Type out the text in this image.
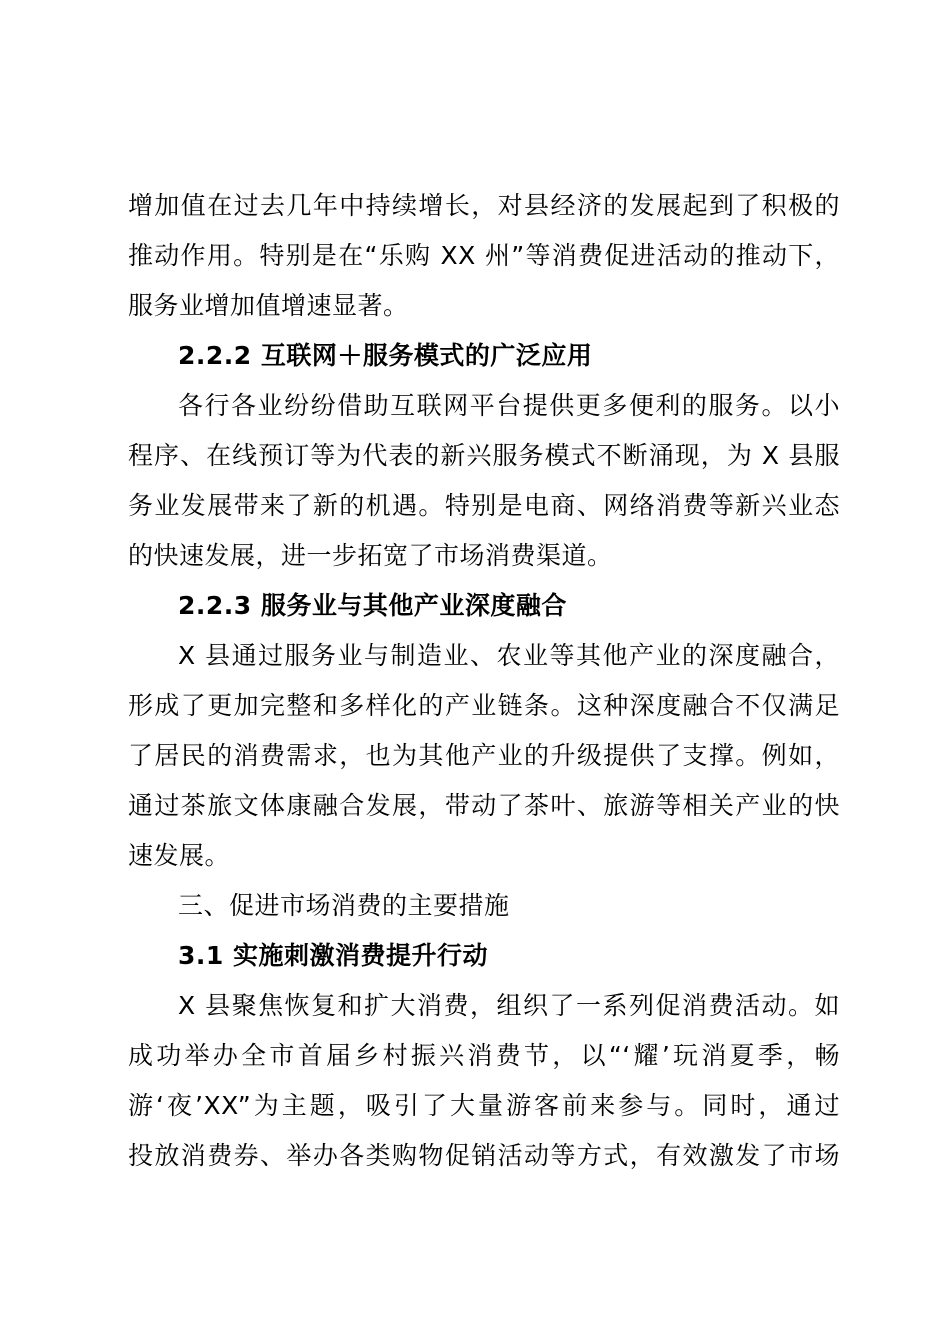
增加值在过去几年中持续增长，对县经济的发展起到了积极的
推动作用。特别是在“乐购 XX 州”等消费促进活动的推动下，
服务业增加值增速显著。
2.2.2 互联网＋服务模式的广泛应用
各行各业纷纷借助互联网平台提供更多便利的服务。以小
程序、在线预订等为代表的新兴服务模式不断涌现，为 X 县服
务业发展带来了新的机遇。特别是电商、网络消费等新兴业态
的快速发展，进一步拓宽了市场消费渠道。
2.2.3 服务业与其他产业深度融合
X 县通过服务业与制造业、农业等其他产业的深度融合，
形成了更加完整和多样化的产业链条。这种深度融合不仅满足
了居民的消费需求，也为其他产业的升级提供了支撑。例如，
通过茶旅文体康融合发展，带动了茶叶、旅游等相关产业的快
速发展。
三、促进市场消费的主要措施
3.1 实施刺激消费提升行动
X 县聚焦恢复和扩大消费，组织了一系列促消费活动。如
成功举办全市首届乡村振兴消费节，以“‘耀’玩消夏季，畅
游‘夜’XX”为主题，吸引了大量游客前来参与。同时，通过
投放消费券、举办各类购物促销活动等方式，有效激发了市场
